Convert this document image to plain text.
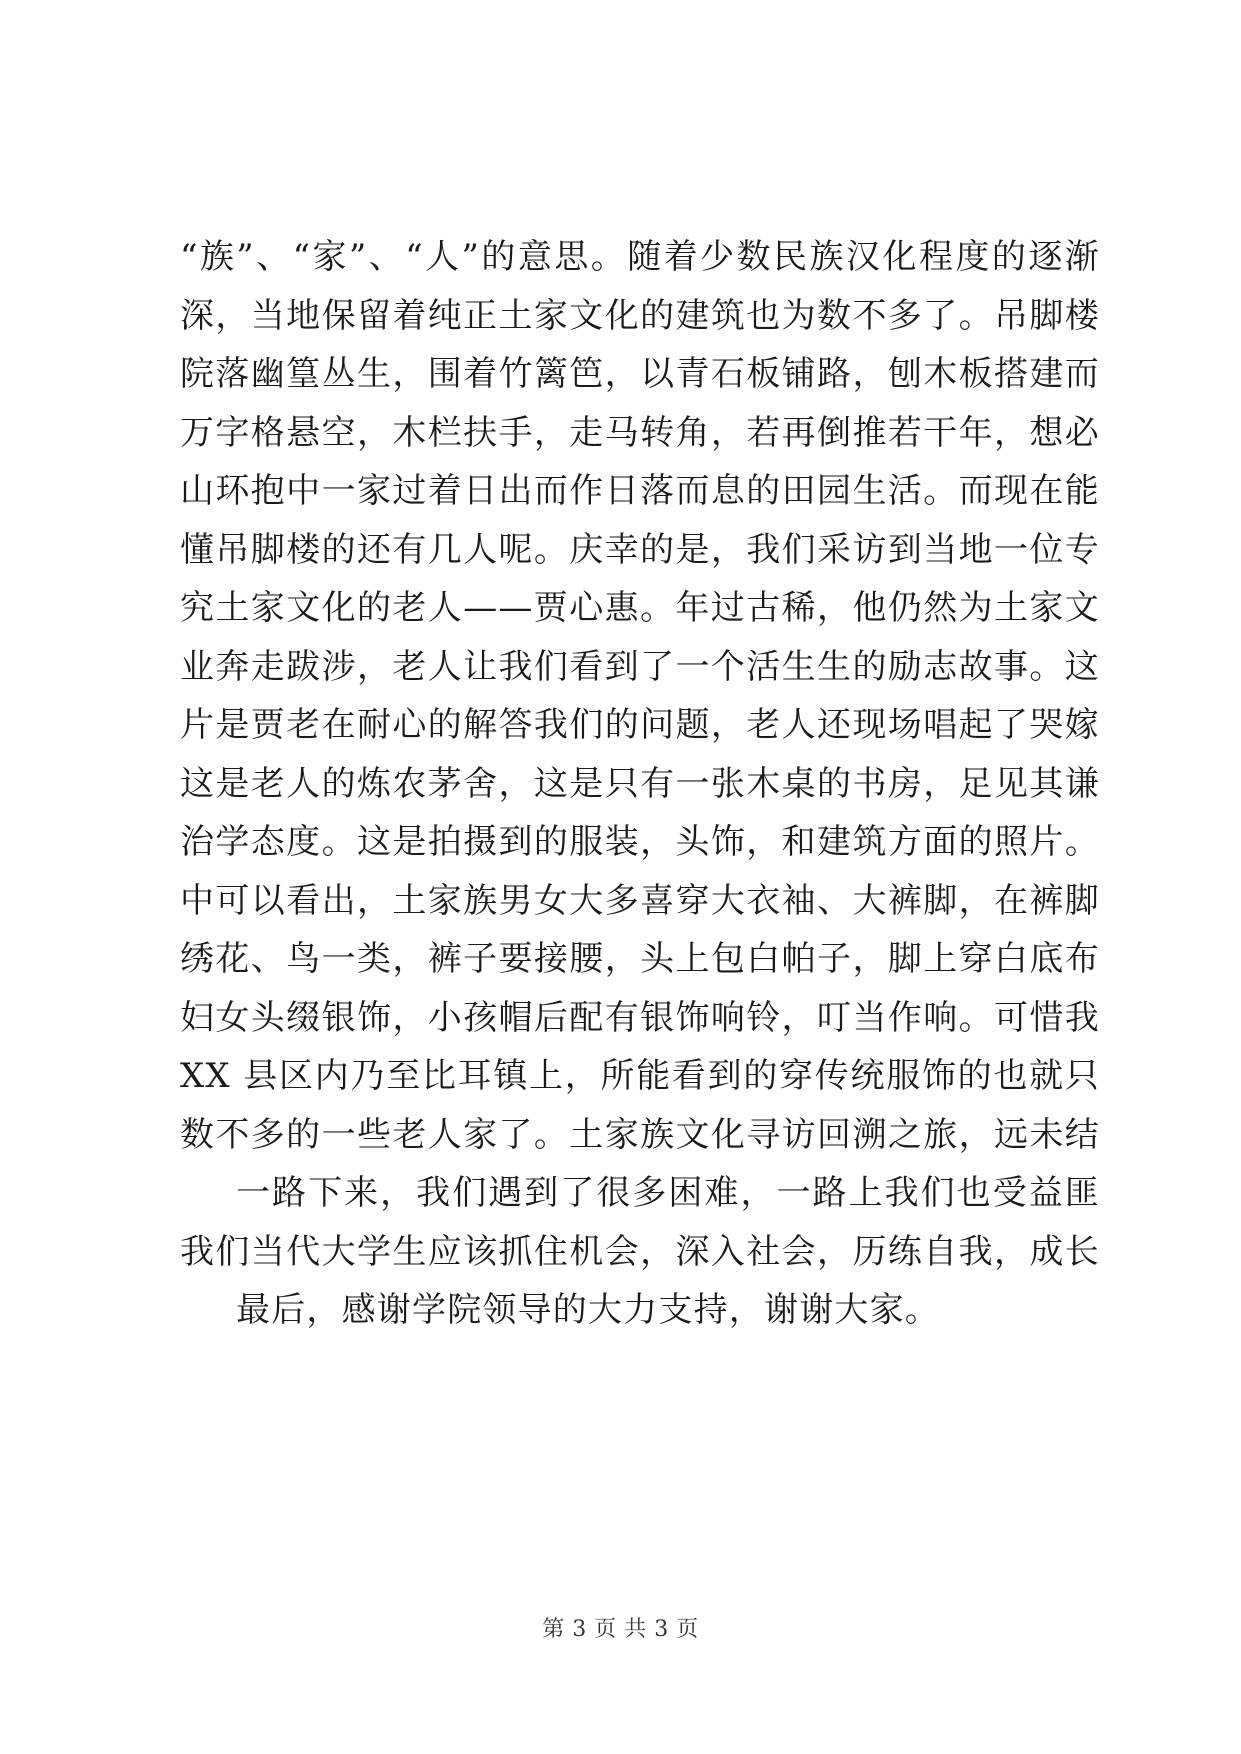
“族”、“家”、“人”的意思。随着少数民族汉化程度的逐渐
深，当地保留着纯正土家文化的建筑也为数不多了。吊脚楼
院落幽篁丛生，围着竹篱笆，以青石板铺路，刨木板搭建而
万字格悬空，木栏扶手，走马转角，若再倒推若干年，想必
山环抱中一家过着日出而作日落而息的田园生活。而现在能
懂吊脚楼的还有几人呢。庆幸的是，我们采访到当地一位专
究土家文化的老人——贾心惠。年过古稀，他仍然为土家文
业奔走跋涉，老人让我们看到了一个活生生的励志故事。这
片是贾老在耐心的解答我们的问题，老人还现场唱起了哭嫁
这是老人的炼农茅舍，这是只有一张木桌的书房，足见其谦
治学态度。这是拍摄到的服装，头饰，和建筑方面的照片。
中可以看出，土家族男女大多喜穿大衣袖、大裤脚，在裤脚
绣花、鸟一类，裤子要接腰，头上包白帕子，脚上穿白底布
妇女头缀银饰，小孩帽后配有银饰响铃，叮当作响。可惜我
XX 县区内乃至比耳镇上，所能看到的穿传统服饰的也就只
数不多的一些老人家了。土家族文化寻访回溯之旅，远未结
一路下来，我们遇到了很多困难，一路上我们也受益匪
我们当代大学生应该抓住机会，深入社会，历练自我，成长
最后，感谢学院领导的大力支持，谢谢大家。
第 3 页 共 3 页
